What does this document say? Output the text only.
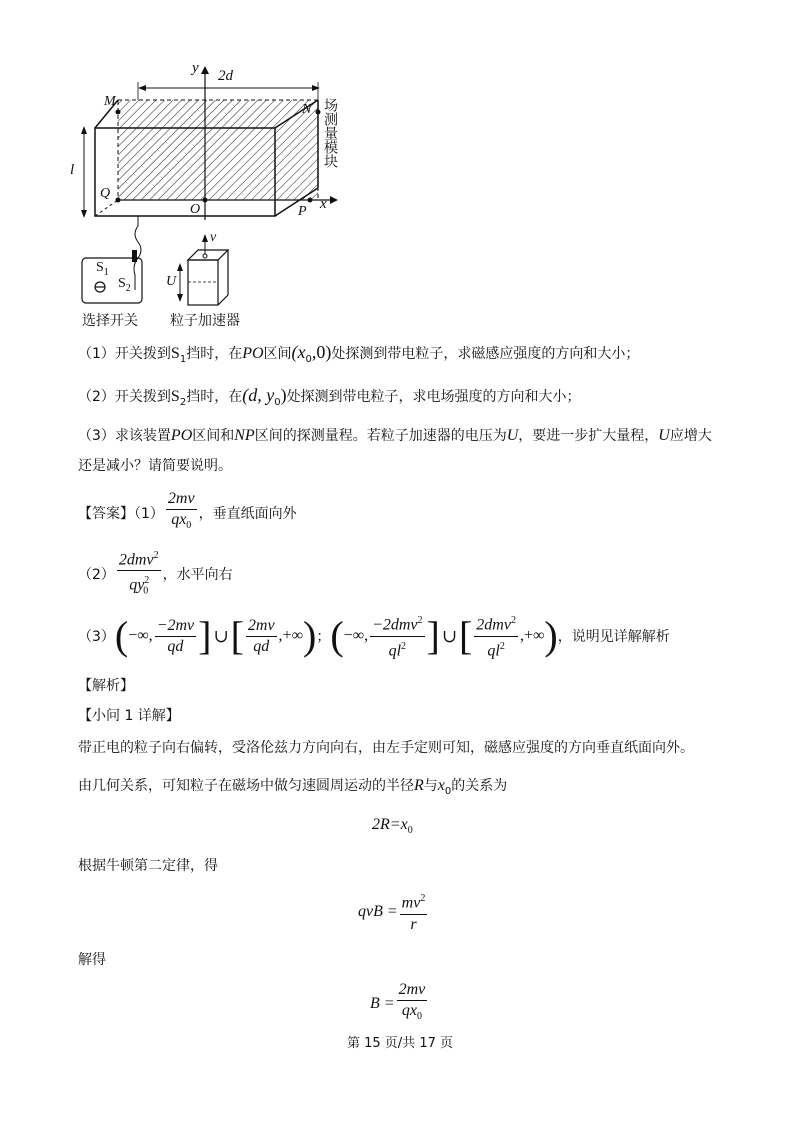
y 2d
M
N
l
Q
O	P x
v
U
场测量模块
$S_1$
$S_2$
选择开关 粒子加速器
（1）开关拨到$S_1$挡时，在PO区间$(x_0,0)$处探测到带电粒子，求磁感应强度的方向和大小；
（2）开关拨到$S_2$挡时，在(d, $y_0$)处探测到带电粒子，求电场强度的方向和大小；
（3）求该装置PO区间和NP区间的探测量程。若粒子加速器的电压为U，要进一步扩大量程，U应增大
还是减小？请简要说明。
【答案】$(1) \frac{2mv}{qx_0}$ ，垂直纸面向外
$(2) \frac{2dmv^2}{qy^2_0}$ ，水平向右
（3） ( −∞, $\frac{-2mv}{qd}$ ] ∪ [ $\frac{2mv}{qd}$ ,+∞ ) ； ( −∞, $\frac{-2dmv^2}{ql^2}$ ] ∪ [ $\frac{2dmv^2}{ql^2}$ ,+∞ ) ，说明见详解解析
【解析】
【小问 1 详解】
带正电的粒子向右偏转，受洛伦兹力方向向右，由左手定则可知，磁感应强度的方向垂直纸面向外。
由几何关系，可知粒子在磁场中做匀速圆周运动的半径R与$x_0$的关系为
$2R=x_0$
根据牛顿第二定律，得
qvB = $\frac{mv^2}{r}$
解得
$B = \frac{2mv}{qx_0}$
第 15 页/共 17 页
